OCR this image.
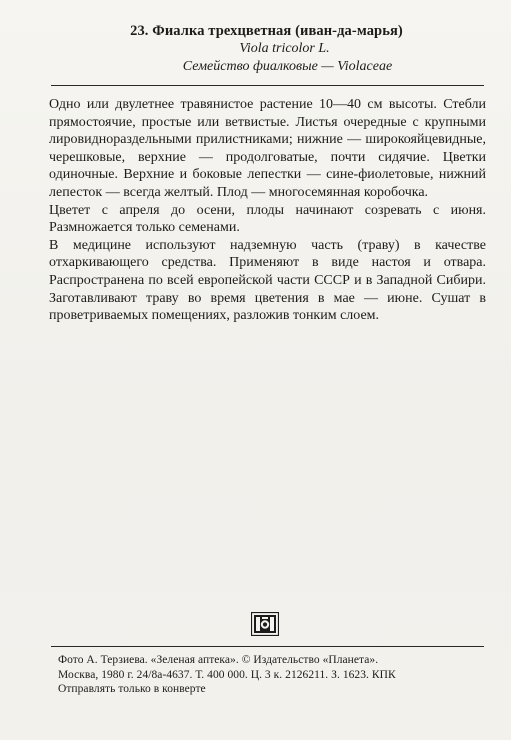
23. Фиалка трехцветная (иван-да-марья)
Viola tricolor L.
Семейство фиалковые — Violaceae

Одно или двулетнее травянистое растение 10—40 см высоты. Стебли прямостоячие, простые или ветвистые. Листья очередные с крупными лировиднораздельными прилистниками; нижние — широкояйцевидные, черешковые, верхние — продолговатые, почти сидячие. Цветки одиночные. Верхние и боковые лепестки — сине-фиолетовые, нижний лепесток — всегда желтый. Плод — многосемянная коробочка.

Цветет с апреля до осени, плоды начинают созревать с июня. Размножается только семенами.

В медицине используют надземную часть (траву) в качестве отхаркивающего средства. Применяют в виде настоя и отвара. Распространена по всей европейской части СССР и в Западной Сибири. Заготавливают траву во время цветения в мае — июне. Сушат в проветриваемых помещениях, разложив тонким слоем.

Фото А. Терзиева. «Зеленая аптека». © Издательство «Планета».
Москва, 1980 г. 24/8а-4637. Т. 400 000. Ц. 3 к. 2126211. З. 1623. КПК
Отправлять только в конверте
